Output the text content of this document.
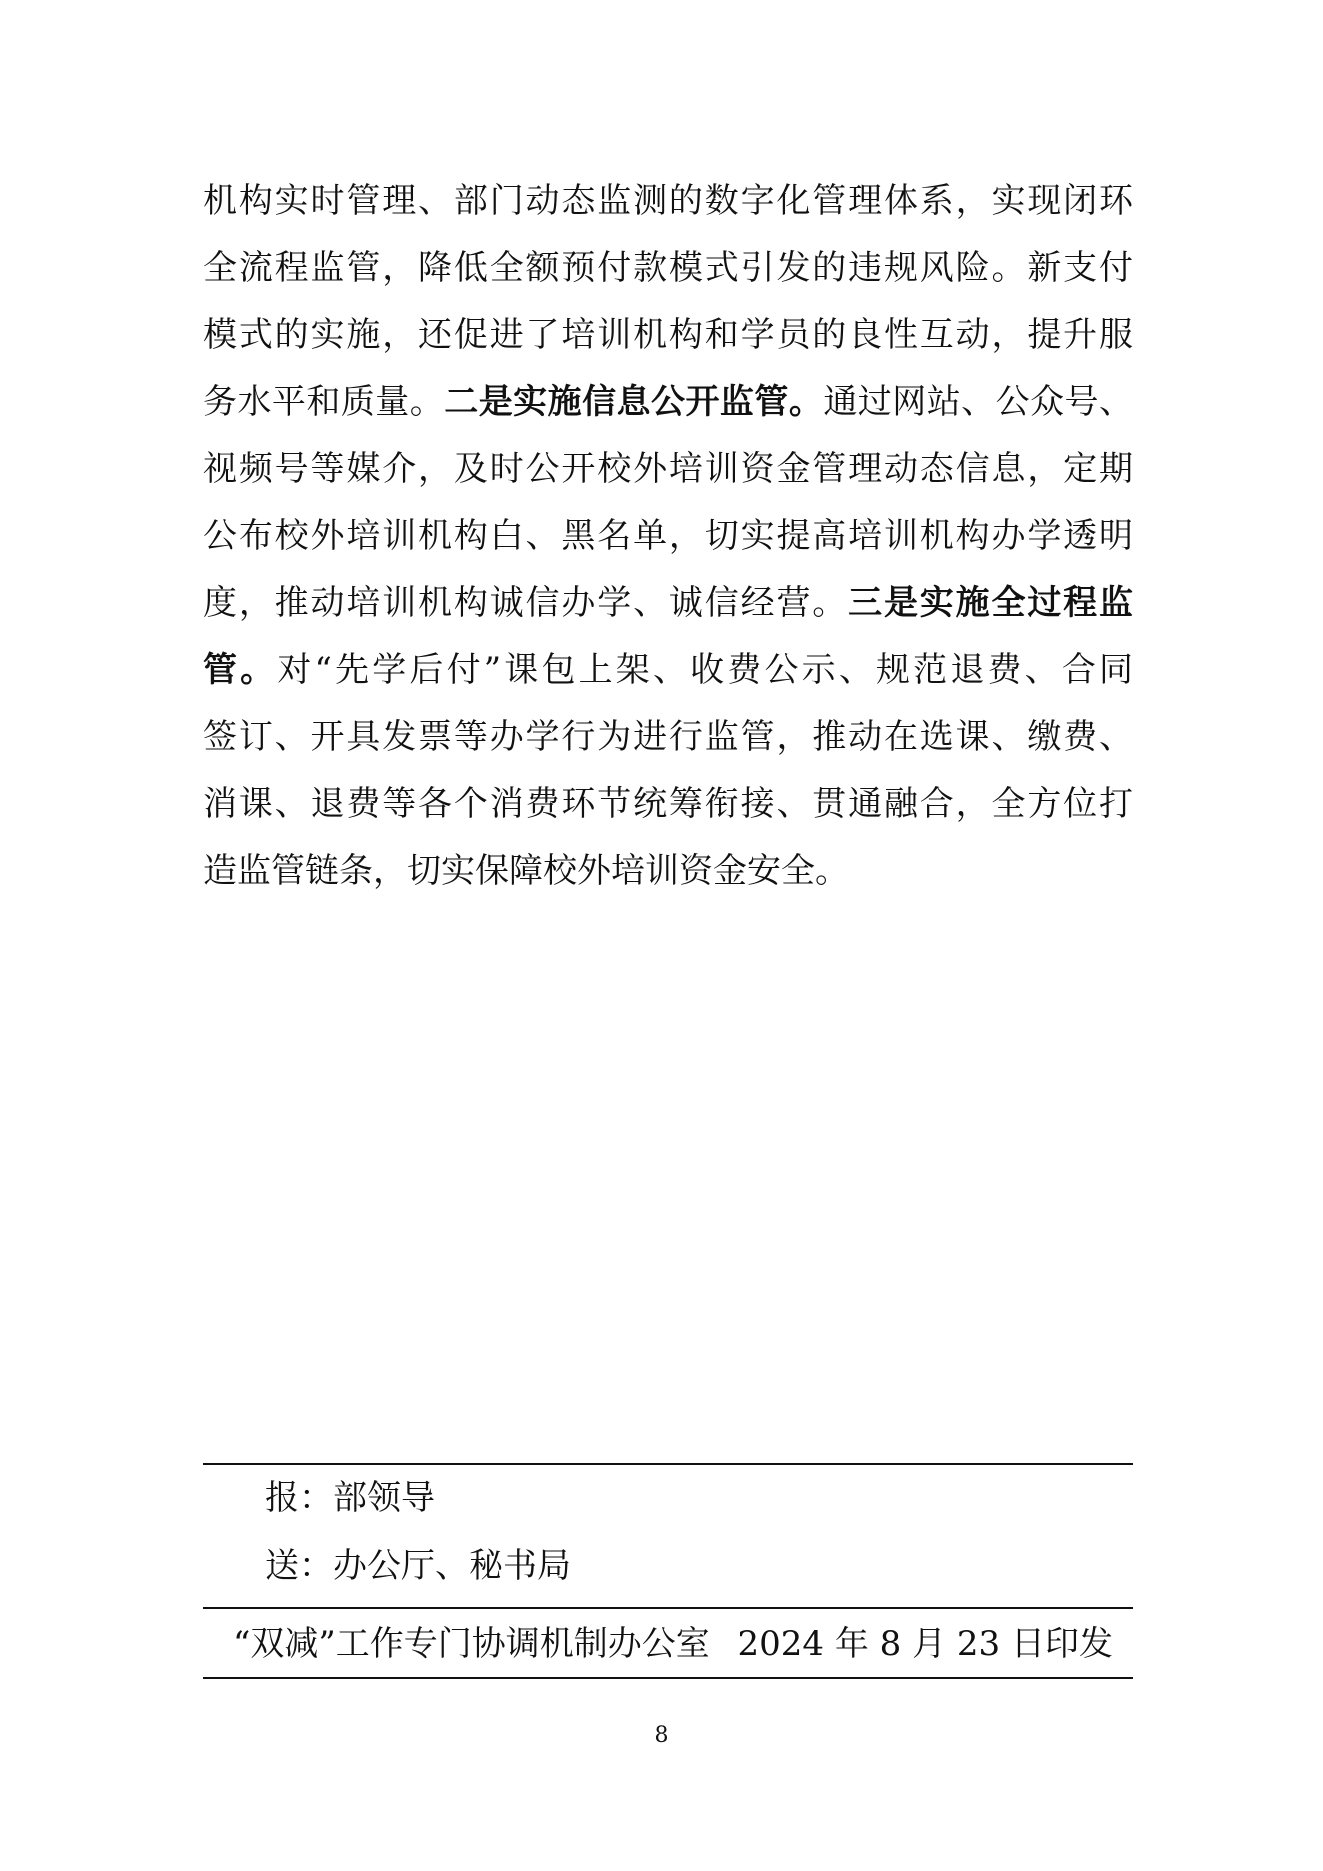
机构实时管理、部门动态监测的数字化管理体系，实现闭环
全流程监管，降低全额预付款模式引发的违规风险。新支付
模式的实施，还促进了培训机构和学员的良性互动，提升服
务水平和质量。二是实施信息公开监管。通过网站、公众号、
视频号等媒介，及时公开校外培训资金管理动态信息，定期
公布校外培训机构白、黑名单，切实提高培训机构办学透明
度，推动培训机构诚信办学、诚信经营。三是实施全过程监
管。对“先学后付”课包上架、收费公示、规范退费、合同
签订、开具发票等办学行为进行监管，推动在选课、缴费、
消课、退费等各个消费环节统筹衔接、贯通融合，全方位打
造监管链条，切实保障校外培训资金安全。
报：部领导
送：办公厅、秘书局
“双减”工作专门协调机制办公室 2024 年 8 月 23 日印发
8
